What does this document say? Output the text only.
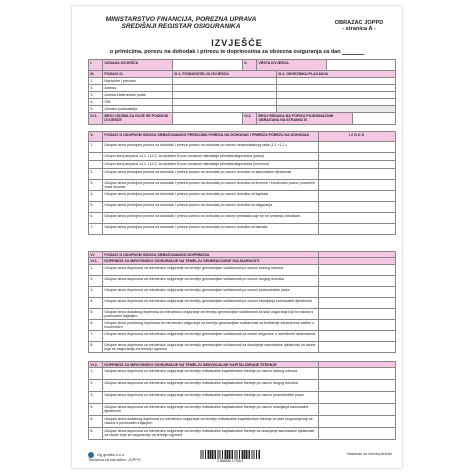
MINISTARSTVO FINANCIJA, POREZNA UPRAVA
SREDIŠNJI REGISTAR OSIGURANIKA
OBRAZAC JOPPD
- stranica A -
IZVJEŠĆE
o primicima, porezu na dohodak i prirezu te doprinosima za obvezna osiguranja za dan
I.	OZNAKA IZVJEŠĆA	II.	VRSTA IZVJEŠĆA
III.	PODACI O:	III.1. PODNOSITELJU IZVJEŠĆA	III.2. OBVEZNIKU PLAĆANJA
1.	Naziv/ime i prezime
2.	Adresa
3.	Adresa elektroničke pošte
4.	OIB
5.	Oznaka podnositelja
IV.1.	BROJ OSOBA ZA KOJE SE PODNOSI IZVJEŠĆE
IV.2.	BROJ REDAKA NA POPISU POJEDINAČNIH OBRAČUNA NA STRANICI B
V.	PODACI O UKUPNOM IZNOSU OBRAČUNANOG PREDUJMA POREZA NA DOHODAK I PRIREZA POREZU NA DOHODAK	IZNOS
1.	Ukupan iznos predujma poreza na dohodak i prireza porezu na dohodak po osnovi nesamostalnog rada (1.1.+1.2.)
Ukupni zbroj stupaca 14.1. i 14.2. sa stranice B pod oznakom stjecatelja primitka/osiguranika (plaća)
Ukupni zbroj stupaca 14.1. i 14.2. sa stranice B pod oznakom stjecatelja primitka/osiguranika (mirovina)
2.	Ukupan iznos predujma poreza na dohodak i prireza porezu na dohodak po osnovi dohotka od samostalne djelatnosti
3.	Ukupan iznos predujma poreza na dohodak i prireza porezu na dohodak po osnovi dohotka od imovine i imovinskih prava i posebnih vrsta imovine
4.	Ukupan iznos predujma poreza na dohodak i prireza porezu na dohodak po osnovi dohotka od kapitala
5.	Ukupan iznos predujma poreza na dohodak i prireza porezu na dohodak po osnovi dohotka od osiguranja
6.	Ukupan iznos predujma poreza na dohodak i prireza porezu na dohodak po osnovi primitaka koje se ne smatraju dohotkom
7.	Ukupan iznos predujma poreza na dohodak i prireza porezu na dohodak po osnovi dohotka od kamata
VI.	PODACI O UKUPNOM IZNOSU OBRAČUNANOG DOPRINOSA
VI.1.	DOPRINOS ZA MIROVINSKO OSIGURANJE NA TEMELJU GENERACIJSKE SOLIDARNOSTI
1.	Ukupan iznos doprinosa za mirovinsko osiguranje na temelju generacijske solidarnosti po osnovi radnog odnosa
2.	Ukupan iznos doprinosa za mirovinsko osiguranje na temelju generacijske solidarnosti po osnovi drugog dohotka
3.	Ukupan iznos doprinosa za mirovinsko osiguranje na temelju generacijske solidarnosti po osnovi poduzetničke plaće
4.	Ukupan iznos doprinosa za mirovinsko osiguranje na temelju generacijske solidarnosti po osnovi obavljanja samostalne djelatnosti
5.	Ukupan iznos dodatnog doprinosa za mirovinsko osiguranje na temelju generacijske solidarnosti za staž osiguranja koji se računa s povećanim trajanjem
6.	Ukupan iznos posebnog doprinosa za mirovinsko osiguranje na temelju generacijske solidarnosti za korištenje zdravstvene zaštite u inozemstvu
7.	Ukupan iznos doprinosa za mirovinsko osiguranje na temelju generacijske solidarnosti za osobe osigurane u određenim okolnostima
8.	Ukupan iznos doprinosa za mirovinsko osiguranje na temelju generacijske solidarnosti za obavljanje samostalne djelatnosti za osobe koje se osiguravaju na temelju ugovora
VI.2.	DOPRINOS ZA MIROVINSKO OSIGURANJE NA TEMELJU INDIVIDUALNE KAPITALIZIRANE ŠTEDNJE
1.	Ukupan iznos doprinosa za mirovinsko osiguranje na temelju individualne kapitalizirane štednje po osnovi radnog odnosa
2.	Ukupan iznos doprinosa za mirovinsko osiguranje na temelju individualne kapitalizirane štednje po osnovi drugog dohotka
3.	Ukupan iznos doprinosa za mirovinsko osiguranje na temelju individualne kapitalizirane štednje po osnovi poduzetničke plaće
4.	Ukupan iznos doprinosa za mirovinsko osiguranje na temelju individualne kapitalizirane štednje po osnovi obavljanja samostalne djelatnosti
5.	Ukupan iznos dodatnog doprinosa za mirovinsko osiguranje na temelju individualne kapitalizirane štednje za staž osiguranja koji se računa s povećanim trajanjem
6.	Ukupan iznos doprinosa za mirovinsko osiguranje na temelju individualne kapitalizirane štednje za obavljanje samostalne djelatnosti za osobe koje se osiguravaju na temelju ugovora
Gg grafika d.o.o.
Tiskanica za narudžbu: JOPPD	3 858888 173301
Nastavak na četvrtoj stranici
